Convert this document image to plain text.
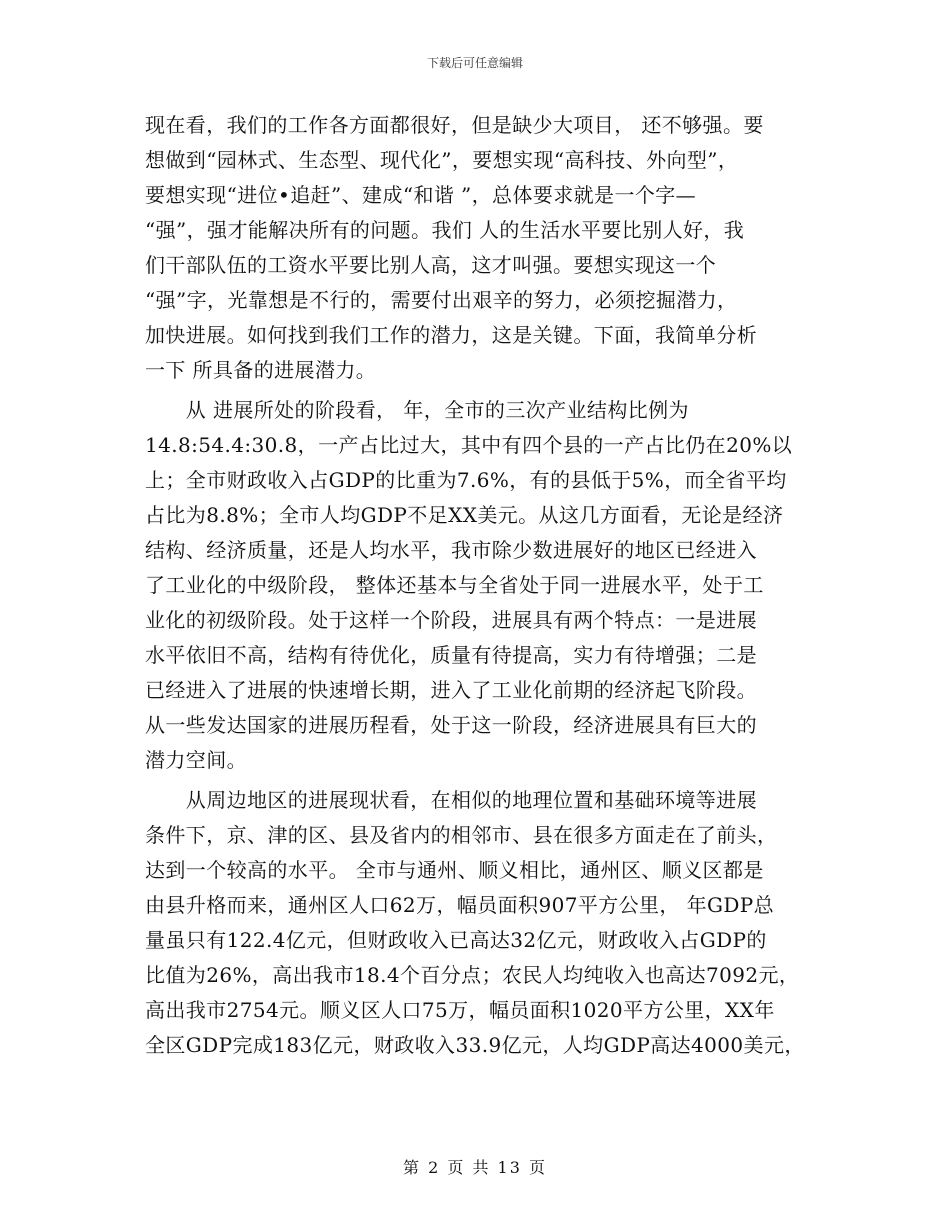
下载后可任意编辑
现在看，我们的工作各方面都很好，但是缺少大项目， 还不够强。要
想做到“园林式、生态型、现代化”，要想实现“高科技、外向型”，
要想实现“进位•追赶”、建成“和谐 ”，总体要求就是一个字—
“强”，强才能解决所有的问题。我们 人的生活水平要比别人好，我
们干部队伍的工资水平要比别人高，这才叫强。要想实现这一个
“强”字，光靠想是不行的，需要付出艰辛的努力，必须挖掘潜力，
加快进展。如何找到我们工作的潜力，这是关键。下面，我简单分析
一下 所具备的进展潜力。
　　从 进展所处的阶段看， 年，全市的三次产业结构比例为
14.8:54.4:30.8，一产占比过大，其中有四个县的一产占比仍在20%以
上；全市财政收入占GDP的比重为7.6%，有的县低于5%，而全省平均
占比为8.8%；全市人均GDP不足XX美元。从这几方面看，无论是经济
结构、经济质量，还是人均水平，我市除少数进展好的地区已经进入
了工业化的中级阶段， 整体还基本与全省处于同一进展水平，处于工
业化的初级阶段。处于这样一个阶段，进展具有两个特点：一是进展
水平依旧不高，结构有待优化，质量有待提高，实力有待增强；二是
已经进入了进展的快速增长期，进入了工业化前期的经济起飞阶段。
从一些发达国家的进展历程看，处于这一阶段，经济进展具有巨大的
潜力空间。
　　从周边地区的进展现状看，在相似的地理位置和基础环境等进展
条件下，京、津的区、县及省内的相邻市、县在很多方面走在了前头，
达到一个较高的水平。 全市与通州、顺义相比，通州区、顺义区都是
由县升格而来，通州区人口62万，幅员面积907平方公里， 年GDP总
量虽只有122.4亿元，但财政收入已高达32亿元，财政收入占GDP的
比值为26%，高出我市18.4个百分点；农民人均纯收入也高达7092元，
高出我市2754元。顺义区人口75万，幅员面积1020平方公里，XX年
全区GDP完成183亿元，财政收入33.9亿元，人均GDP高达4000美元，
第 2 页 共 13 页
